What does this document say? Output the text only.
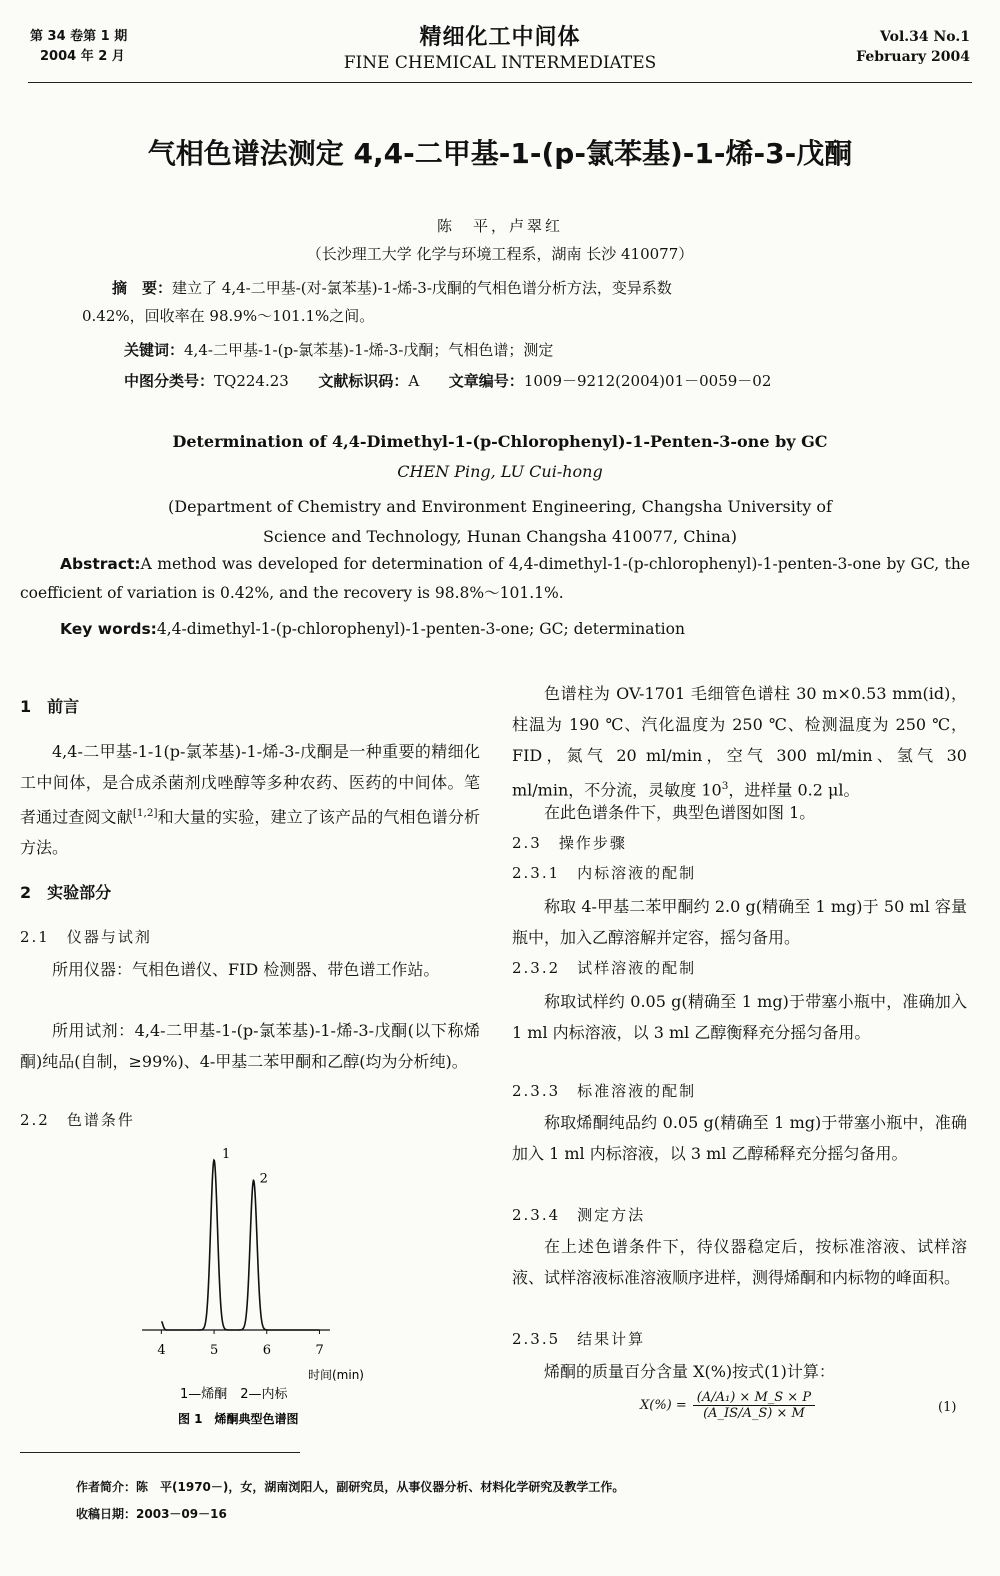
第 34 卷第 1 期
2004 年 2 月
精细化工中间体
FINE CHEMICAL INTERMEDIATES
Vol.34 No.1
February 2004
气相色谱法测定 4,4-二甲基-1-(p-氯苯基)-1-烯-3-戊酮
陈　平，卢翠红
（长沙理工大学 化学与环境工程系，湖南 长沙 410077）
摘　要：建立了 4,4-二甲基-(对-氯苯基)-1-烯-3-戊酮的气相色谱分析方法，变异系数
0.42%，回收率在 98.9%～101.1%之间。
关键词：4,4-二甲基-1-(p-氯苯基)-1-烯-3-戊酮；气相色谱；测定
中图分类号：TQ224.23 文献标识码：A 文章编号：1009－9212(2004)01－0059－02
Determination of 4,4-Dimethyl-1-(p-Chlorophenyl)-1-Penten-3-one by GC
CHEN Ping, LU Cui-hong
(Department of Chemistry and Environment Engineering, Changsha University of
Science and Technology, Hunan Changsha 410077, China)
Abstract:A method was developed for determination of 4,4-dimethyl-1-(p-chlorophenyl)-1-penten-3-one by GC, the coefficient of variation is 0.42%, and the recovery is 98.8%～101.1%.
Key words:4,4-dimethyl-1-(p-chlorophenyl)-1-penten-3-one; GC; determination
1　前言
4,4-二甲基-1-1(p-氯苯基)-1-烯-3-戊酮是一种重要的精细化工中间体，是合成杀菌剂戊唑醇等多种农药、医药的中间体。笔者通过查阅文献[1,2]和大量的实验，建立了该产品的气相色谱分析方法。
2　实验部分
2.1　仪器与试剂
所用仪器：气相色谱仪、FID 检测器、带色谱工作站。
所用试剂：4,4-二甲基-1-(p-氯苯基)-1-烯-3-戊酮(以下称烯酮)纯品(自制，≥99%)、4-甲基二苯甲酮和乙醇(均为分析纯)。
2.2　色谱条件
1
2
4	5	6	7
时间(min)
1—烯酮　2—内标
图 1　烯酮典型色谱图
色谱柱为 OV-1701 毛细管色谱柱 30 m×0.53 mm(id)，柱温为 190 ℃、汽化温度为 250 ℃、检测温度为 250 ℃，FID，氮气 20 ml/min，空气 300 ml/min、氢气 30 ml/min，不分流，灵敏度 $10^3$，进样量 0.2 μl。
在此色谱条件下，典型色谱图如图 1。
2.3　操作步骤
2.3.1　内标溶液的配制
称取 4-甲基二苯甲酮约 2.0 g(精确至 1 mg)于 50 ml 容量瓶中，加入乙醇溶解并定容，摇匀备用。
2.3.2　试样溶液的配制
称取试样约 0.05 g(精确至 1 mg)于带塞小瓶中，准确加入 1 ml 内标溶液，以 3 ml 乙醇衡释充分摇匀备用。
2.3.3　标准溶液的配制
称取烯酮纯品约 0.05 g(精确至 1 mg)于带塞小瓶中，准确加入 1 ml 内标溶液，以 3 ml 乙醇稀释充分摇匀备用。
2.3.4　测定方法
在上述色谱条件下，待仪器稳定后，按标准溶液、试样溶液、试样溶液标准溶液顺序进样，测得烯酮和内标物的峰面积。
2.3.5　结果计算
烯酮的质量百分含量 X(%)按式(1)计算：
X(%) =
(A/A₁) × M_S × P
(A_IS/A_S) × M	(1)
作者简介：陈　平(1970－)，女，湖南浏阳人，副研究员，从事仪器分析、材料化学研究及教学工作。
收稿日期：2003－09－16
